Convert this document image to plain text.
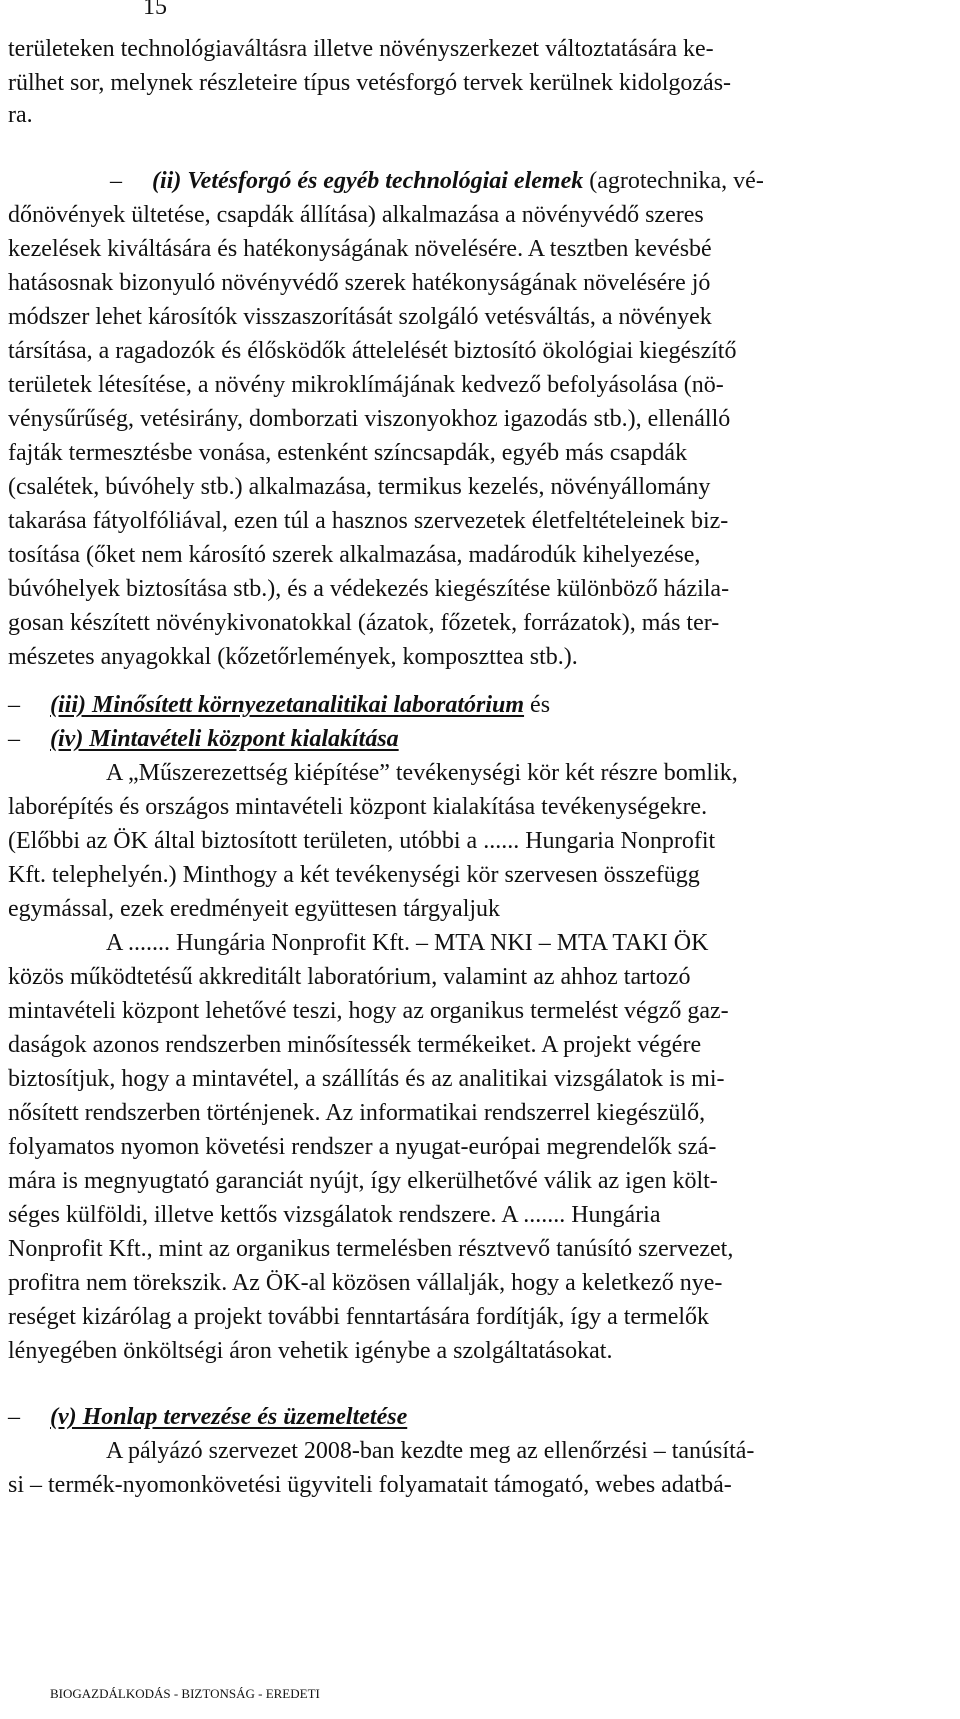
15
területeken technológiaváltásra illetve növényszerkezet változtatására ke-
rülhet sor, melynek részleteire típus vetésforgó tervek kerülnek kidolgozás-
ra.
– (ii) Vetésforgó és egyéb technológiai elemek (agrotechnika, vé-
dőnövények ültetése, csapdák állítása) alkalmazása a növényvédő szeres
kezelések kiváltására és hatékonyságának növelésére. A tesztben kevésbé
hatásosnak bizonyuló növényvédő szerek hatékonyságának növelésére jó
módszer lehet károsítók visszaszorítását szolgáló vetésváltás, a növények
társítása, a ragadozók és élősködők áttelelését biztosító ökológiai kiegészítő
területek létesítése, a növény mikroklímájának kedvező befolyásolása (nö-
vénysűrűség, vetésirány, domborzati viszonyokhoz igazodás stb.), ellenálló
fajták termesztésbe vonása, estenként színcsapdák, egyéb más csapdák
(csalétek, búvóhely stb.) alkalmazása, termikus kezelés, növényállomány
takarása fátyolfóliával, ezen túl a hasznos szervezetek életfeltételeinek biz-
tosítása (őket nem károsító szerek alkalmazása, madárodúk kihelyezése,
búvóhelyek biztosítása stb.), és a védekezés kiegészítése különböző házila-
gosan készített növénykivonatokkal (ázatok, főzetek, forrázatok), más ter-
mészetes anyagokkal (kőzetőrlemények, komposzttea stb.).
– (iii) Minősített környezetanalitikai laboratórium és
– (iv) Mintavételi központ kialakítása
A „Műszerezettség kiépítése” tevékenységi kör két részre bomlik,
laborépítés és országos mintavételi központ kialakítása tevékenységekre.
(Előbbi az ÖK által biztosított területen, utóbbi a ...... Hungaria Nonprofit
Kft. telephelyén.) Minthogy a két tevékenységi kör szervesen összefügg
egymással, ezek eredményeit együttesen tárgyaljuk
A ....... Hungária Nonprofit Kft. – MTA NKI – MTA TAKI ÖK
közös működtetésű akkreditált laboratórium, valamint az ahhoz tartozó
mintavételi központ lehetővé teszi, hogy az organikus termelést végző gaz-
daságok azonos rendszerben minősítessék termékeiket. A projekt végére
biztosítjuk, hogy a mintavétel, a szállítás és az analitikai vizsgálatok is mi-
nősített rendszerben történjenek. Az informatikai rendszerrel kiegészülő,
folyamatos nyomon követési rendszer a nyugat-európai megrendelők szá-
mára is megnyugtató garanciát nyújt, így elkerülhetővé válik az igen költ-
séges külföldi, illetve kettős vizsgálatok rendszere. A ....... Hungária
Nonprofit Kft., mint az organikus termelésben résztvevő tanúsító szervezet,
profitra nem törekszik. Az ÖK-al közösen vállalják, hogy a keletkező nye-
reséget kizárólag a projekt további fenntartására fordítják, így a termelők
lényegében önköltségi áron vehetik igénybe a szolgáltatásokat.
– (v) Honlap tervezése és üzemeltetése
A pályázó szervezet 2008-ban kezdte meg az ellenőrzési – tanúsítá-
si – termék-nyomonkövetési ügyviteli folyamatait támogató, webes adatbá-
BIOGAZDÁLKODÁS - BIZTONSÁG - EREDETI
